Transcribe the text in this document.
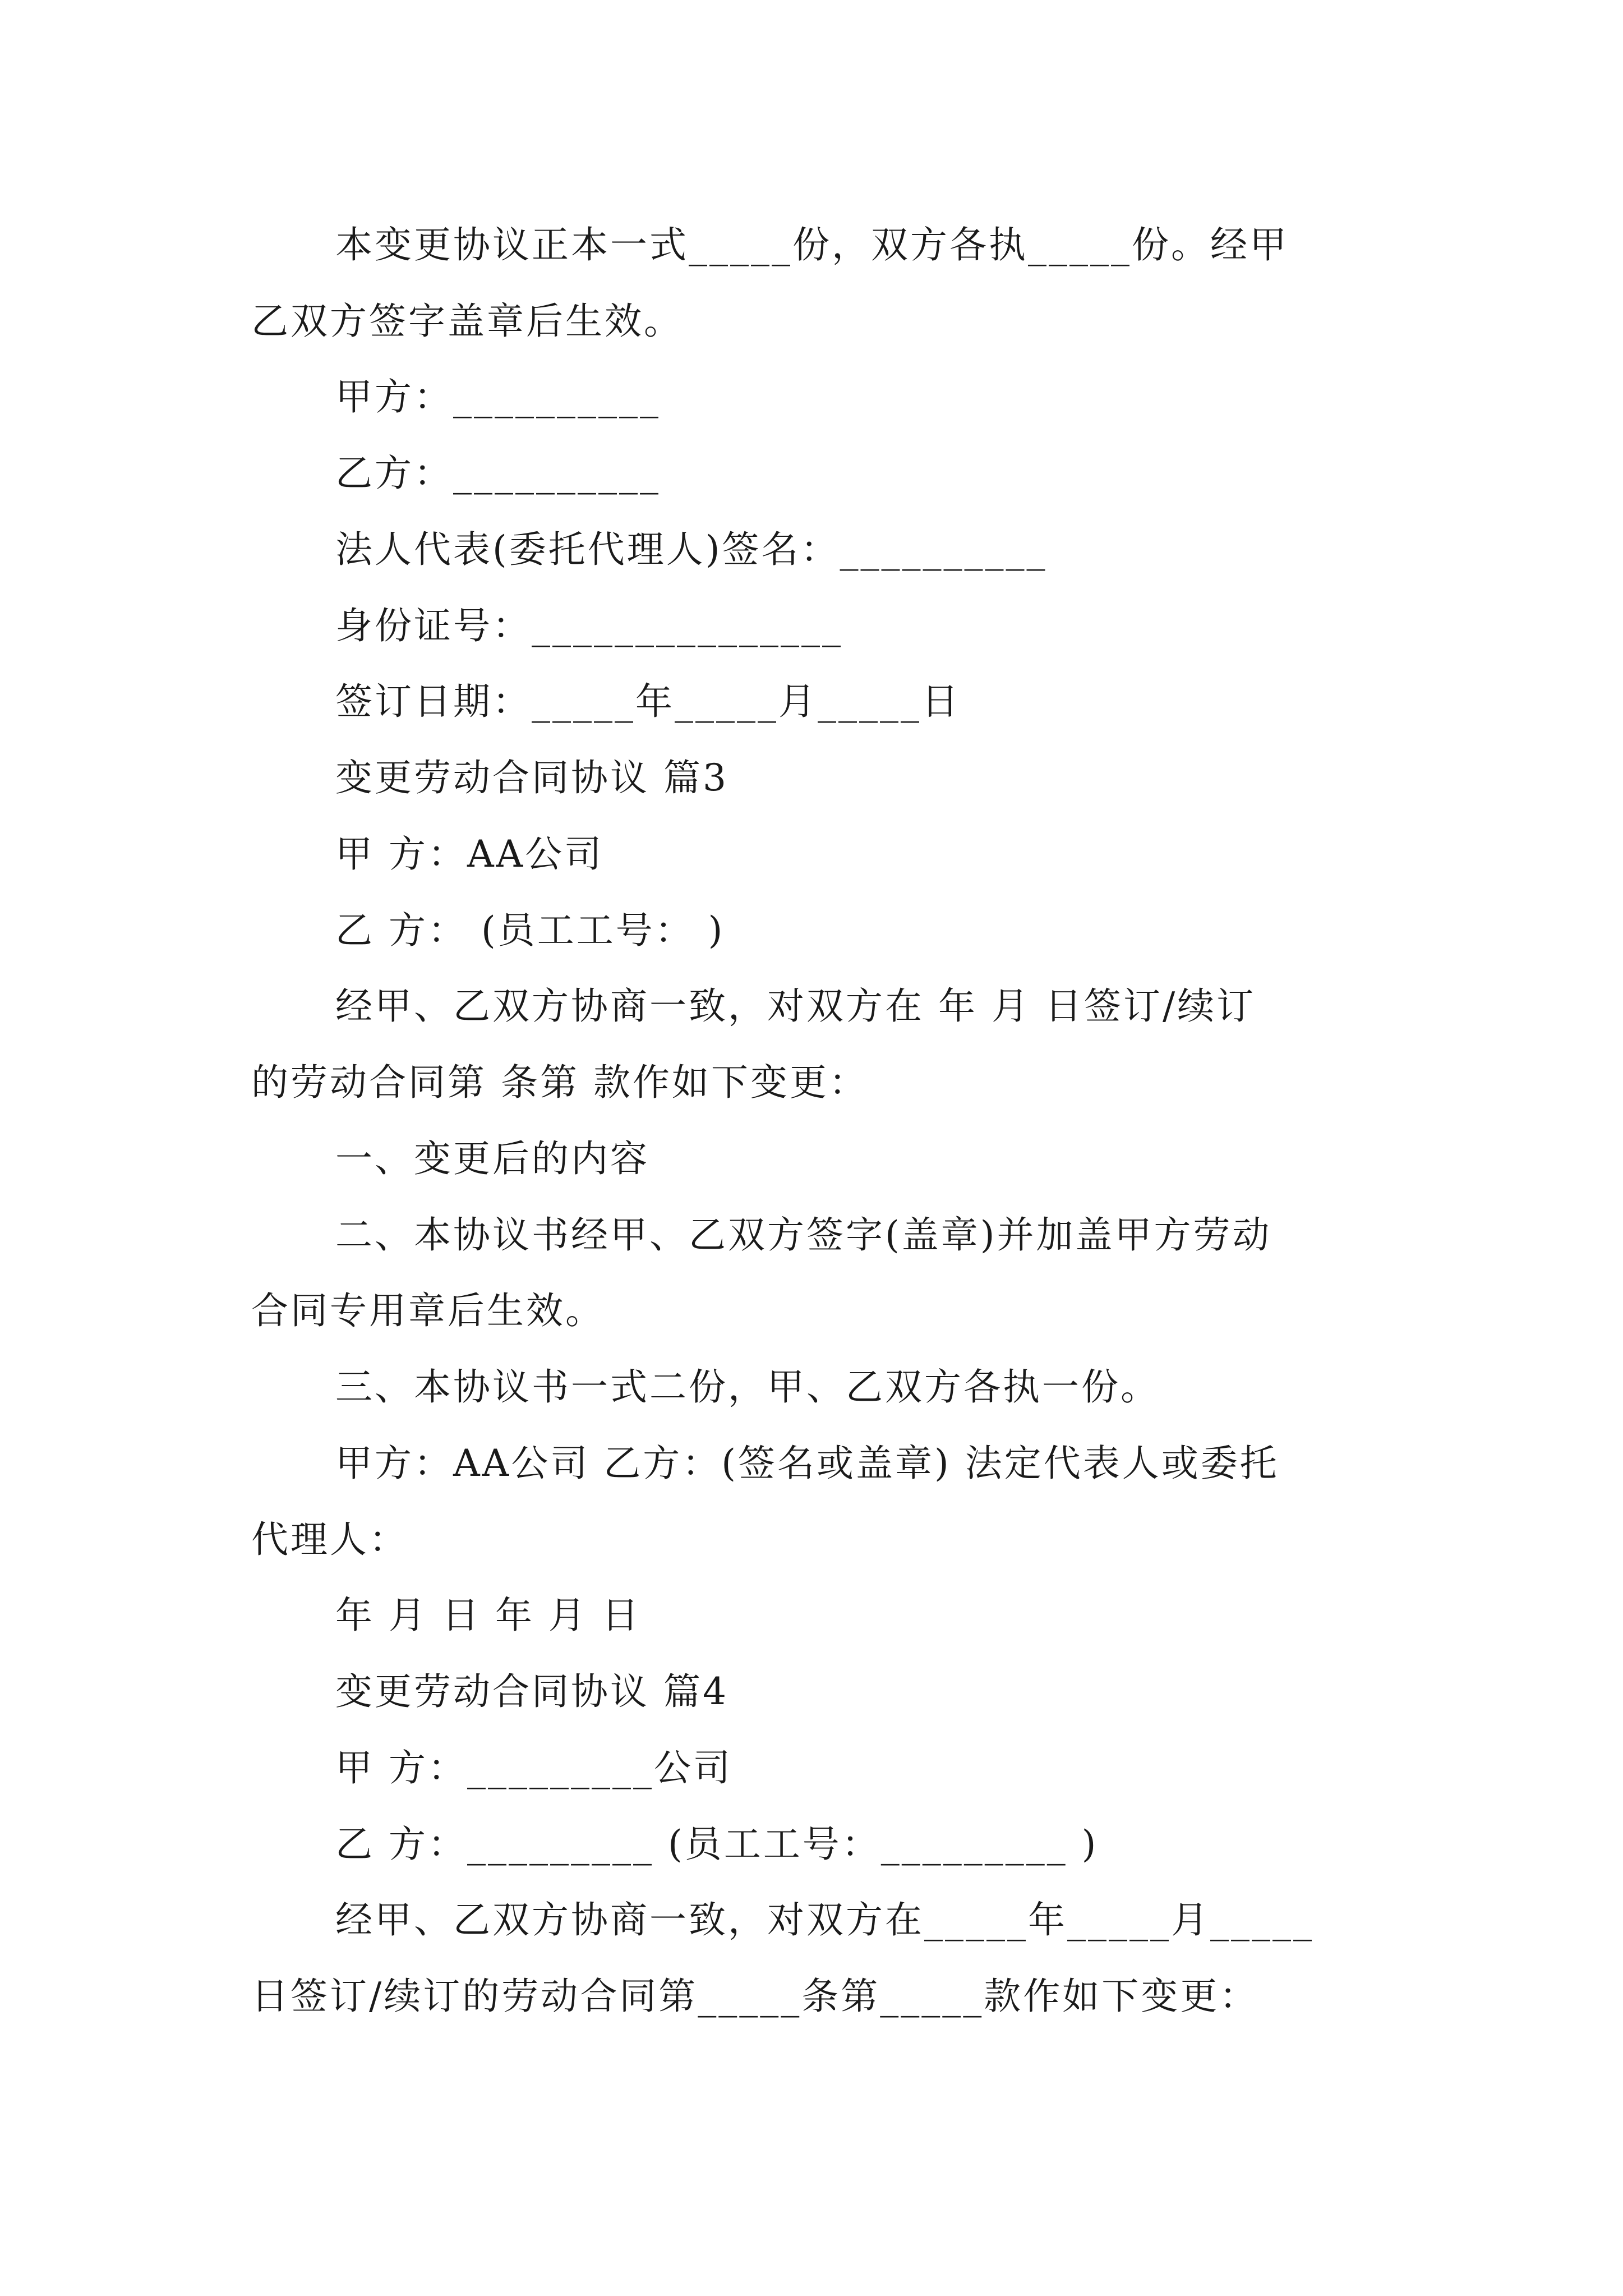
本变更协议正本一式_____份，双方各执_____份。经甲
乙双方签字盖章后生效。
甲方：__________
乙方：__________
法人代表(委托代理人)签名：__________
身份证号：_______________
签订日期：_____年_____月_____日
变更劳动合同协议 篇3
甲 方：AA公司
乙 方： (员工工号： )
经甲、乙双方协商一致，对双方在 年 月 日签订/续订
的劳动合同第 条第 款作如下变更：
一、变更后的内容
二、本协议书经甲、乙双方签字(盖章)并加盖甲方劳动
合同专用章后生效。
三、本协议书一式二份，甲、乙双方各执一份。
甲方：AA公司 乙方：(签名或盖章) 法定代表人或委托
代理人：
年 月 日 年 月 日
变更劳动合同协议 篇4
甲 方：_________公司
乙 方：_________ (员工工号：_________ )
经甲、乙双方协商一致，对双方在_____年_____月_____
日签订/续订的劳动合同第_____条第_____款作如下变更：
